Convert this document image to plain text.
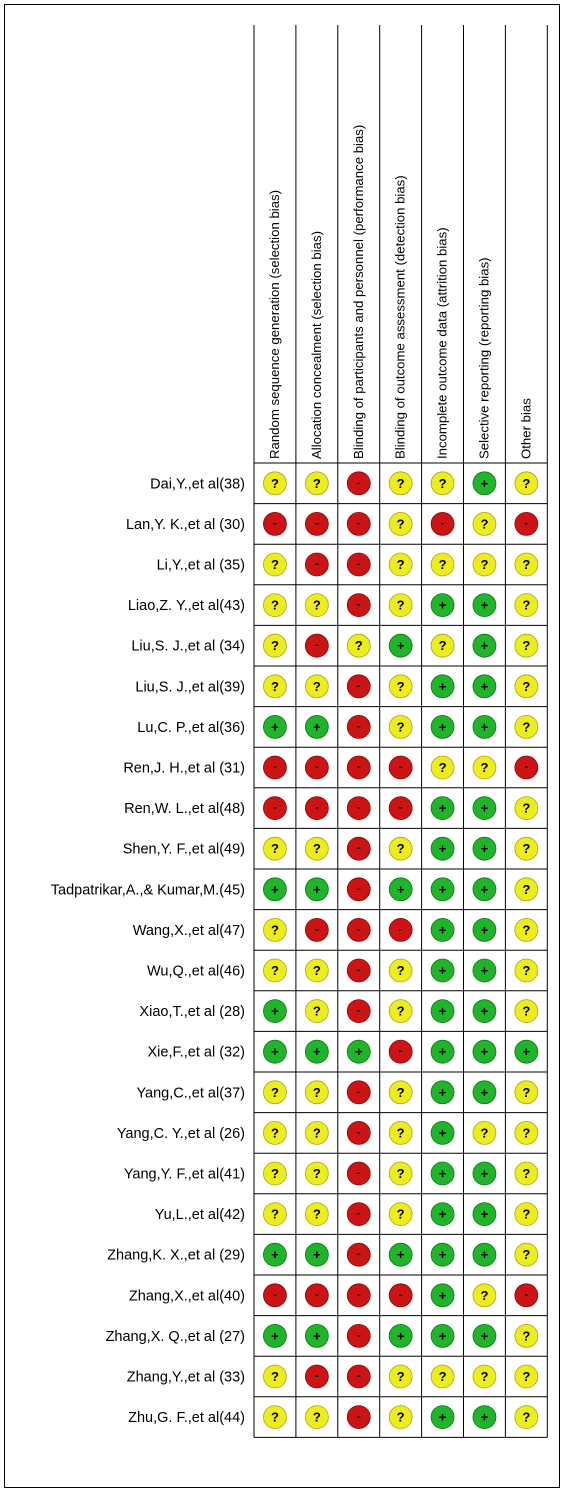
Random sequence generation (selection bias) Allocation concealment (selection bias) Blinding of participants and personnel (performance bias) Blinding of outcome assessment (detection bias) Incomplete outcome data (attrition bias) Selective reporting (reporting bias) Other bias
Dai,Y.,et al(38) ?	?	-	?	?	+	?
Lan,Y. K.,et al (30) -	-	-	?	-	?	-
Li,Y.,et al (35) ?	-	-	?	?	?	?
Liao,Z. Y.,et al(43) ?	?	-	?	+	+	?
Liu,S. J.,et al (34) ?	-	?	+	?	+	?
Liu,S. J.,et al(39) ?	?	-	?	+	+	?
Lu,C. P.,et al(36) +	+	-	?	+	+	?
Ren,J. H.,et al (31) -	-	-	-	?	?	-
Ren,W. L.,et al(48) -	-	-	-	+	+	?
Shen,Y. F.,et al(49) ?	?	-	?	+	+	?
Tadpatrikar,A.,& Kumar,M.(45) +	+	-	+	+	+	?
Wang,X.,et al(47) ?	-	-	-	+	+	?
Wu,Q.,et al(46) ?	?	-	?	+	+	?
Xiao,T.,et al (28) +	?	-	?	+	+	?
Xie,F.,et al (32) +	+	+	-	+	+	+
Yang,C.,et al(37) ?	?	-	?	+	+	?
Yang,C. Y.,et al (26) ?	?	-	?	+	?	?
Yang,Y. F.,et al(41) ?	?	-	?	+	+	?
Yu,L.,et al(42) ?	?	-	?	+	+	?
Zhang,K. X.,et al (29) +	+	-	+	+	+	?
Zhang,X.,et al(40) -	-	-	-	+	?	-
Zhang,X. Q.,et al (27) +	+	-	+	+	+	?
Zhang,Y.,et al (33) ?	-	-	?	?	?	?
Zhu,G. F.,et al(44) ?	?	-	?	+	+	?
